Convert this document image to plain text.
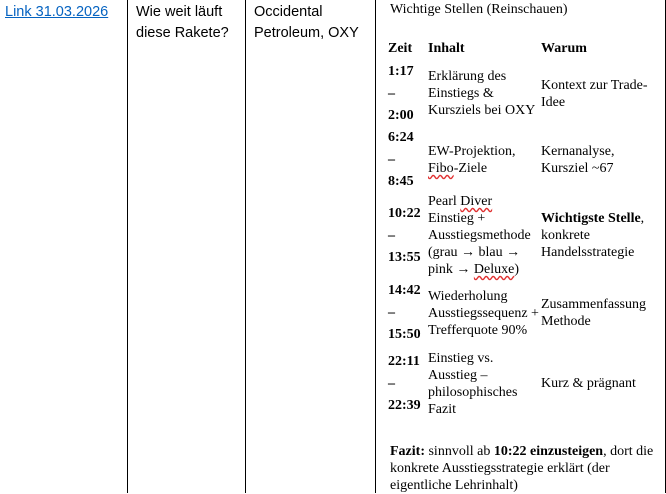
Link 31.03.2026 Wie weit läuft diese Rakete?
Occidental Petroleum, OXY
Wichtige Stellen (Reinschauen)
Zeit	Inhalt	Warum

1:17
–
2:00	Erklärung des Einstiegs & Kursziels bei OXY	Kontext zur Trade-Idee

6:24
–
8:45	EW-Projektion, Fibo-Ziele	Kernanalyse, Kursziel ~67

10:22
–
13:55	Pearl Diver Einstieg + Ausstiegsmethode (grau → blau → pink → Deluxe)	Wichtigste Stelle, konkrete Handelsstrategie

14:42
–
15:50	Wiederholung Ausstiegssequenz + Trefferquote 90%	Zusammenfassung Methode

22:11
–
22:39	Einstieg vs. Ausstieg – philosophisches Fazit	Kurz & prägnant
Fazit: sinnvoll ab 10:22 einzusteigen, dort die konkrete Ausstiegsstrategie erklärt (der eigentliche Lehrinhalt)
